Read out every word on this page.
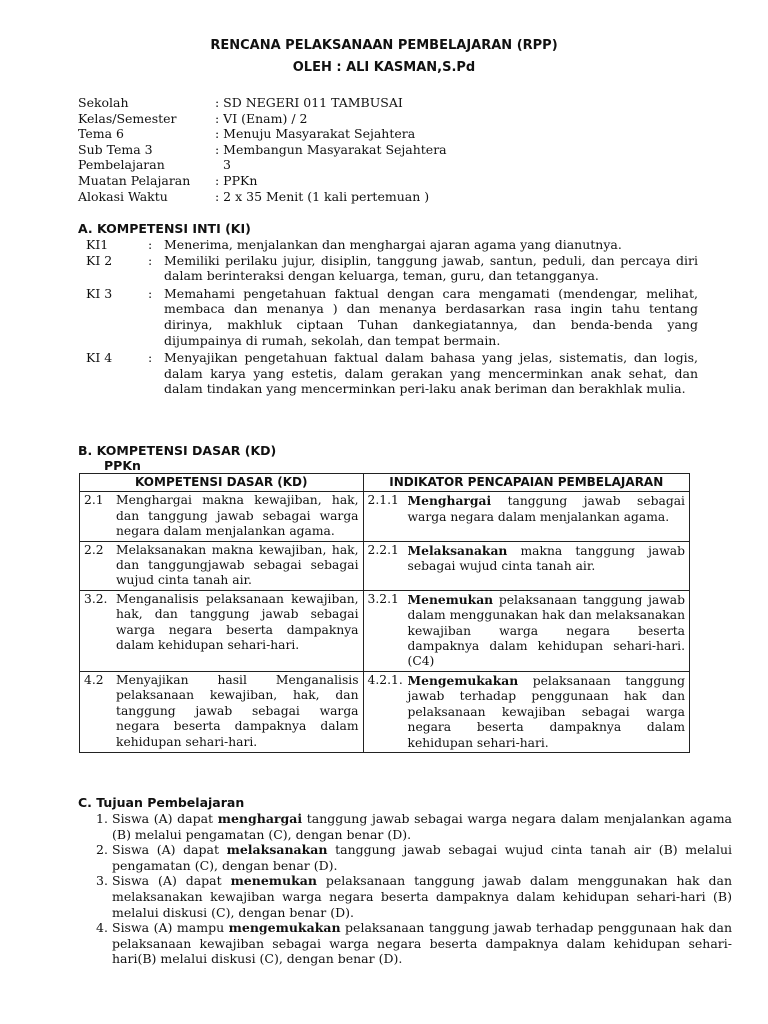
RENCANA PELAKSANAAN PEMBELAJARAN (RPP)
OLEH : ALI KASMAN,S.Pd
Sekolah	: SD NEGERI 011 TAMBUSAI
Kelas/Semester	: VI (Enam) / 2
Tema 6	: Menuju Masyarakat Sejahtera
Sub Tema 3	: Membangun Masyarakat Sejahtera
Pembelajaran	3
Muatan Pelajaran	: PPKn
Alokasi Waktu	: 2 x 35 Menit (1 kali pertemuan )
A. KOMPETENSI INTI (KI)
KI1	: Menerima, menjalankan dan menghargai ajaran agama yang dianutnya.
KI 2	: Memiliki perilaku jujur, disiplin, tanggung jawab, santun, peduli, dan percaya diri dalam berinteraksi dengan keluarga, teman, guru, dan tetangganya.
KI 3	: Memahami pengetahuan faktual dengan cara mengamati (mendengar, melihat, membaca dan menanya ) dan menanya berdasarkan rasa ingin tahu tentang dirinya, makhluk ciptaan Tuhan dankegiatannya, dan benda-benda yang dijumpainya di rumah, sekolah, dan tempat bermain.
KI 4	: Menyajikan pengetahuan faktual dalam bahasa yang jelas, sistematis, dan logis, dalam karya yang estetis, dalam gerakan yang mencerminkan anak sehat, dan dalam tindakan yang mencerminkan peri-laku anak beriman dan berakhlak mulia.
B. KOMPETENSI DASAR (KD)
PPKn
KOMPETENSI DASAR (KD)	INDIKATOR PENCAPAIAN PEMBELAJARAN

2.1 Menghargai makna kewajiban, hak, dan tanggung jawab sebagai warga negara dalam menjalankan agama.	2.1.1 Menghargai tanggung jawab sebagai warga negara dalam menjalankan agama.

2.2 Melaksanakan makna kewajiban, hak, dan tanggungjawab sebagai sebagai wujud cinta tanah air.	2.2.1 Melaksanakan makna tanggung jawab sebagai wujud cinta tanah air.

3.2. Menganalisis pelaksanaan kewajiban, hak, dan tanggung jawab sebagai warga negara beserta dampaknya dalam kehidupan sehari-hari.	3.2.1 Menemukan pelaksanaan tanggung jawab dalam menggunakan hak dan melaksanakan kewajiban warga negara beserta dampaknya dalam kehidupan sehari-hari.(C4)

4.2 Menyajikan hasil Menganalisis pelaksanaan kewajiban, hak, dan tanggung jawab sebagai warga negara beserta dampaknya dalam kehidupan sehari-hari.	4.2.1. Mengemukakan pelaksanaan tanggung jawab terhadap penggunaan hak dan pelaksanaan kewajiban sebagai warga negara beserta dampaknya dalam kehidupan sehari-hari.
C. Tujuan Pembelajaran
1. Siswa (A) dapat menghargai tanggung jawab sebagai warga negara dalam menjalankan agama (B) melalui pengamatan (C), dengan benar (D).
2. Siswa (A) dapat melaksanakan tanggung jawab sebagai wujud cinta tanah air (B) melalui pengamatan (C), dengan benar (D).
3. Siswa (A) dapat menemukan pelaksanaan tanggung jawab dalam menggunakan hak dan melaksanakan kewajiban warga negara beserta dampaknya dalam kehidupan sehari-hari (B) melalui diskusi (C), dengan benar (D).
4. Siswa (A) mampu mengemukakan pelaksanaan tanggung jawab terhadap penggunaan hak dan pelaksanaan kewajiban sebagai warga negara beserta dampaknya dalam kehidupan sehari-hari(B) melalui diskusi (C), dengan benar (D).
